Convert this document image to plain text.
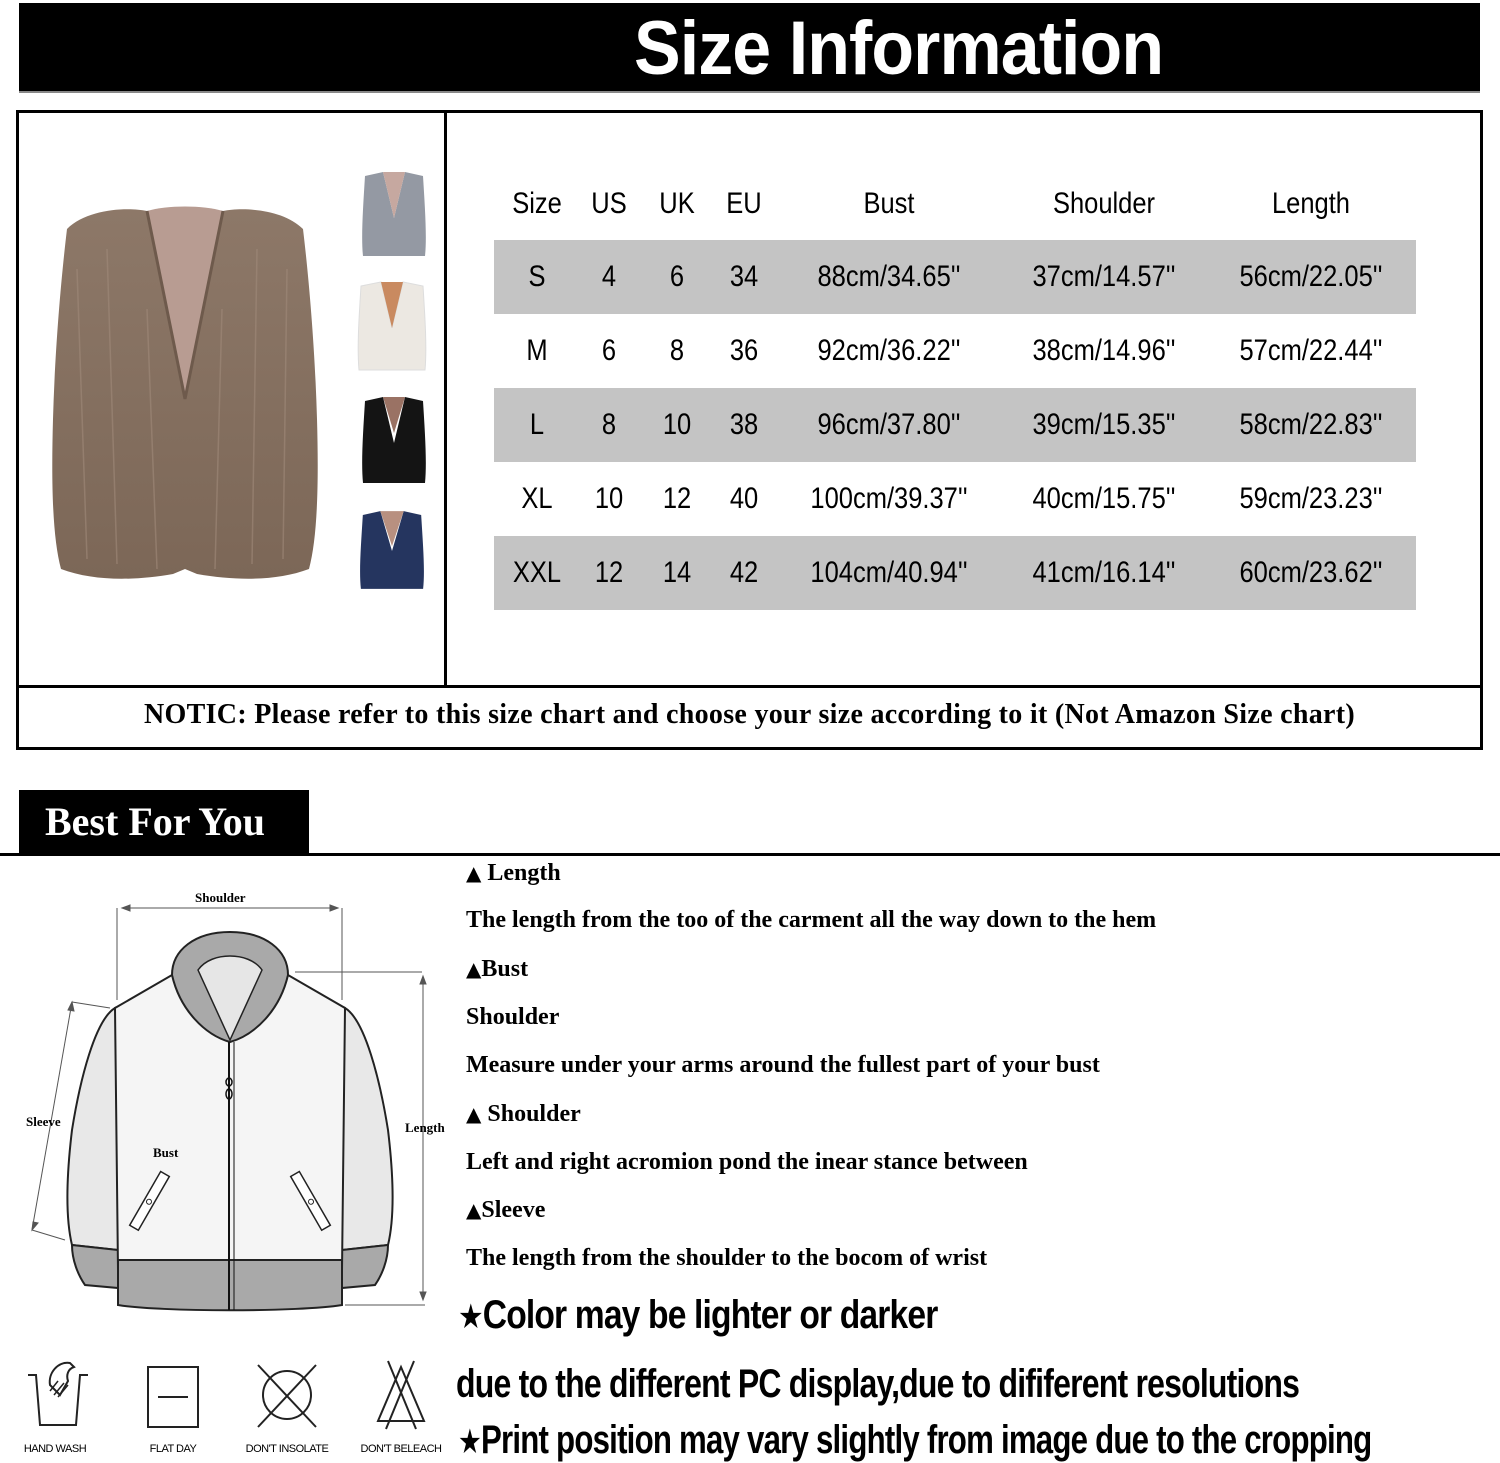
Size Information
Size US	UK	EU	Bust	Shoulder	Length
S	4	6	34	88cm/34.65''	37cm/14.57''	56cm/22.05''
M	6	8	36	92cm/36.22''	38cm/14.96''	57cm/22.44''
L	8	10	38	96cm/37.80''	39cm/15.35''	58cm/22.83''
XL	10	12	40	100cm/39.37''	40cm/15.75''	59cm/23.23''
XXL	12	14	42	104cm/40.94''	41cm/16.14''	60cm/23.62''
NOTIC: Please refer to this size chart and choose your size according to it (Not Amazon Size chart)
Best For You
Shoulder
Sleeve
Bust
Length
HAND WASH	FLAT DAY	DON'T INSOLATE	DON'T BELEACH
▲ Length
The length from the too of the carment all the way down to the hem
▲Bust
Shoulder
Measure under your arms around the fullest part of your bust
▲ Shoulder
Left and right acromion pond the inear stance between
▲Sleeve
The length from the shoulder to the bocom of wrist
★Color may be lighter or darker
due to the different PC display,due to dififerent resolutions
★Print position may vary slightly from image due to the cropping
